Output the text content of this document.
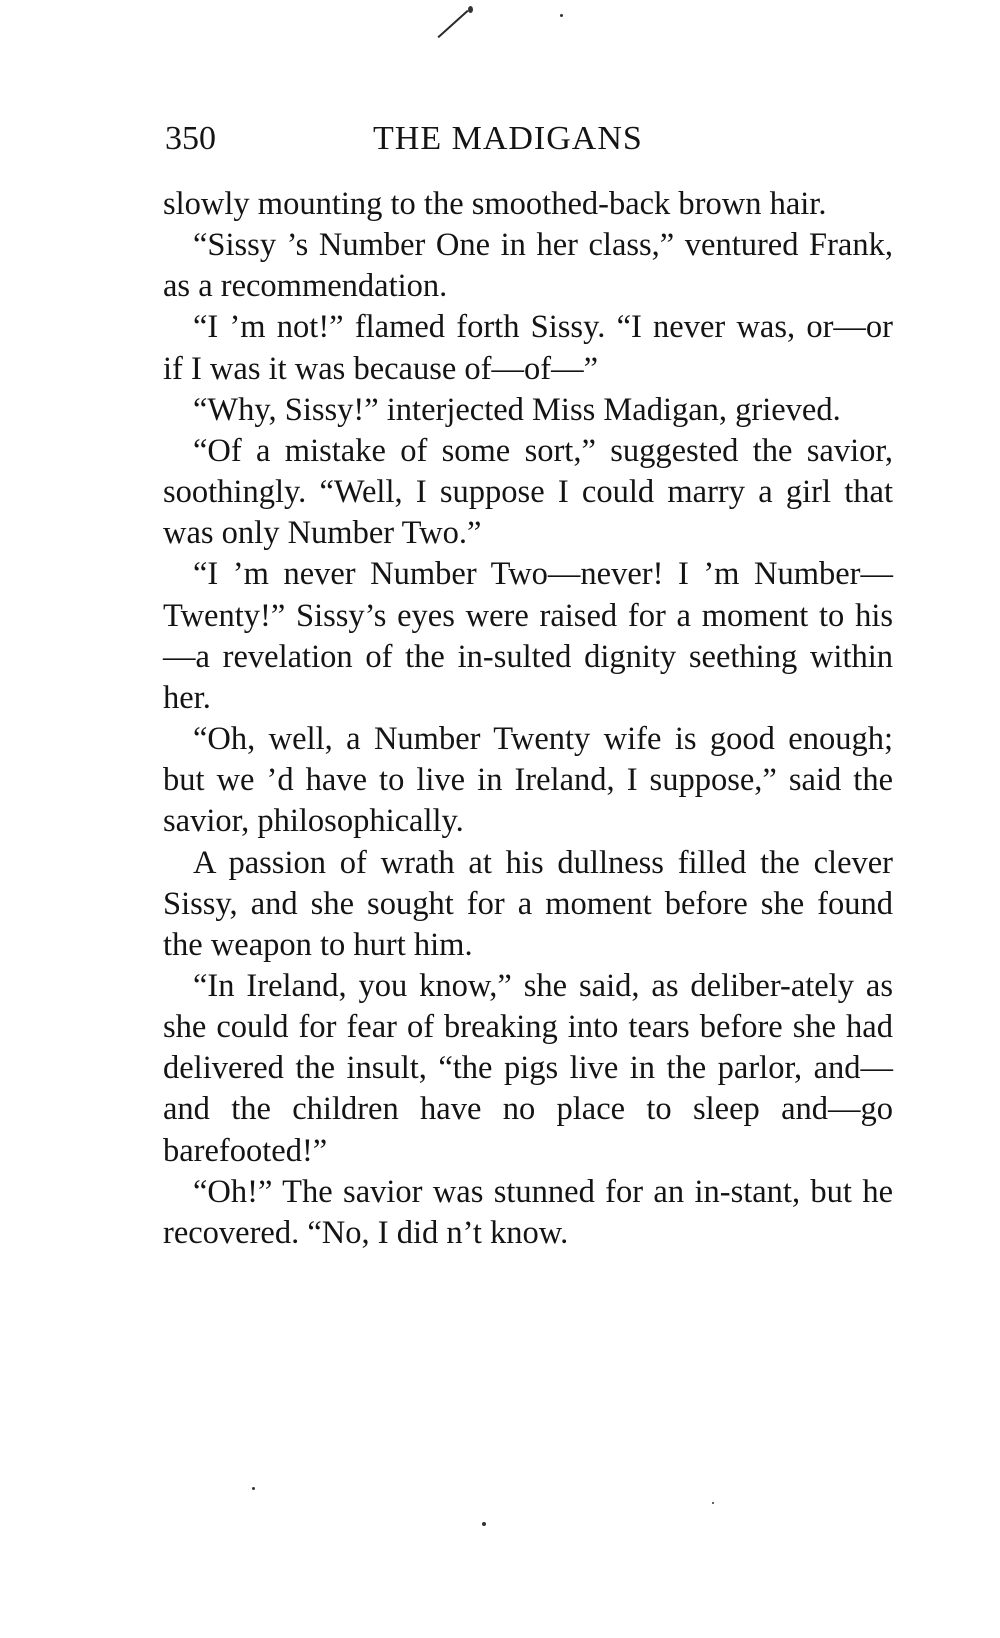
350	THE MADIGANS

slowly mounting to the smoothed-back brown hair.

“Sissy ’s Number One in her class,” ventured Frank, as a recommendation.

“I ’m not!” flamed forth Sissy. “I never was, or—or if I was it was because of—of—”

“Why, Sissy!” interjected Miss Madigan, grieved.

“Of a mistake of some sort,” suggested the savior, soothingly. “Well, I suppose I could marry a girl that was only Number Two.”

“I ’m never Number Two—never! I ’m Number—Twenty!” Sissy’s eyes were raised for a moment to his—a revelation of the in-sulted dignity seething within her.

“Oh, well, a Number Twenty wife is good enough; but we ’d have to live in Ireland, I suppose,” said the savior, philosophically.

A passion of wrath at his dullness filled the clever Sissy, and she sought for a moment before she found the weapon to hurt him.

“In Ireland, you know,” she said, as deliber-ately as she could for fear of breaking into tears before she had delivered the insult, “the pigs live in the parlor, and—and the children have no place to sleep and—go barefooted!”

“Oh!” The savior was stunned for an in-stant, but he recovered. “No, I did n’t know.
